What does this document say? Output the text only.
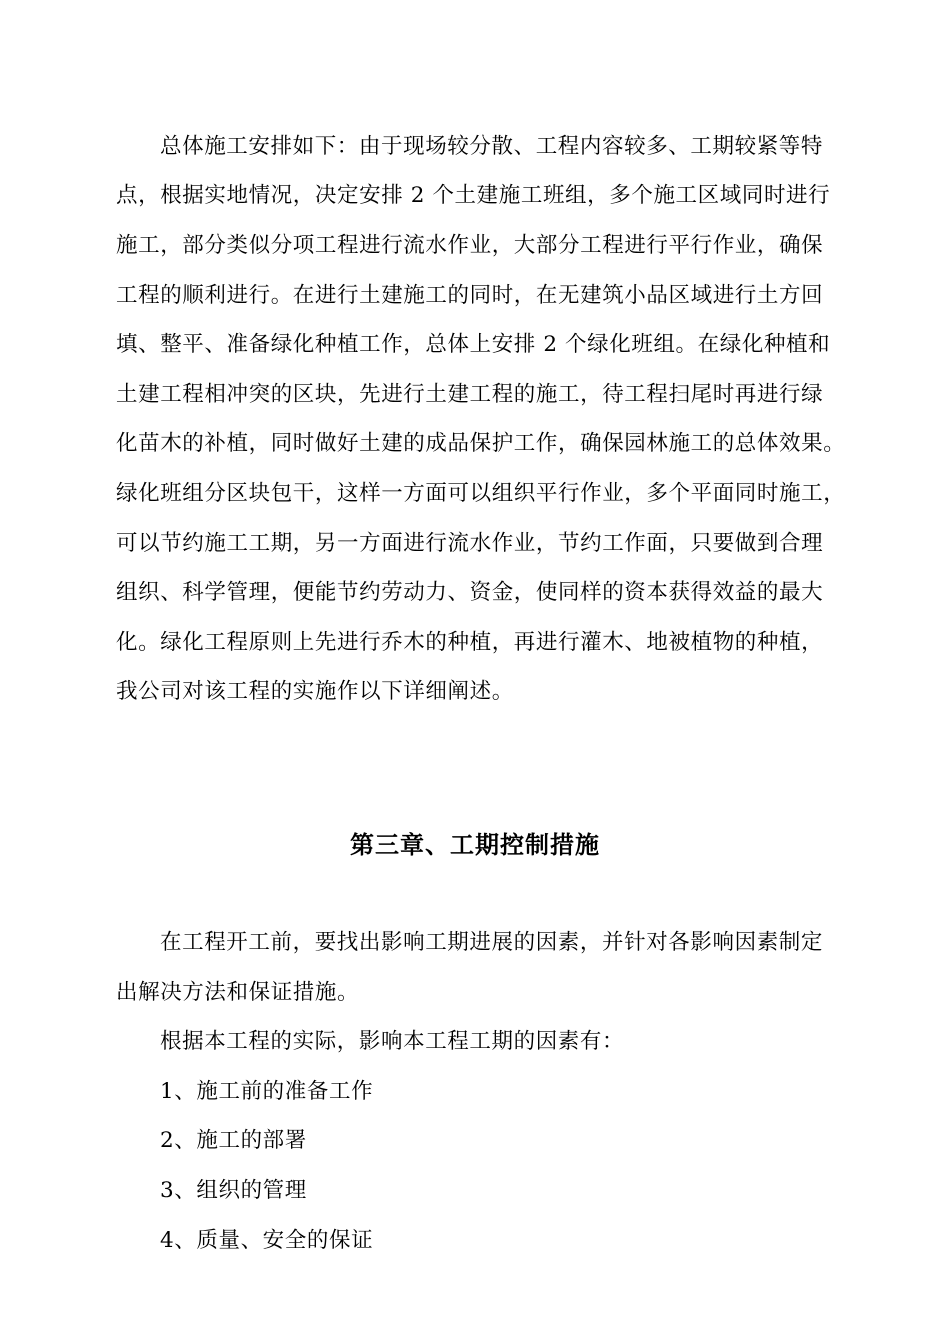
总体施工安排如下：由于现场较分散、工程内容较多、工期较紧等特
点，根据实地情况，决定安排 2 个土建施工班组，多个施工区域同时进行
施工，部分类似分项工程进行流水作业，大部分工程进行平行作业，确保
工程的顺利进行。在进行土建施工的同时，在无建筑小品区域进行土方回
填、整平、准备绿化种植工作，总体上安排 2 个绿化班组。在绿化种植和
土建工程相冲突的区块，先进行土建工程的施工，待工程扫尾时再进行绿
化苗木的补植，同时做好土建的成品保护工作，确保园林施工的总体效果。
绿化班组分区块包干，这样一方面可以组织平行作业，多个平面同时施工，
可以节约施工工期，另一方面进行流水作业，节约工作面，只要做到合理
组织、科学管理，便能节约劳动力、资金，使同样的资本获得效益的最大
化。绿化工程原则上先进行乔木的种植，再进行灌木、地被植物的种植，
我公司对该工程的实施作以下详细阐述。
第三章、工期控制措施
在工程开工前，要找出影响工期进展的因素，并针对各影响因素制定
出解决方法和保证措施。
根据本工程的实际，影响本工程工期的因素有：
1、施工前的准备工作
2、施工的部署
3、组织的管理
4、质量、安全的保证
